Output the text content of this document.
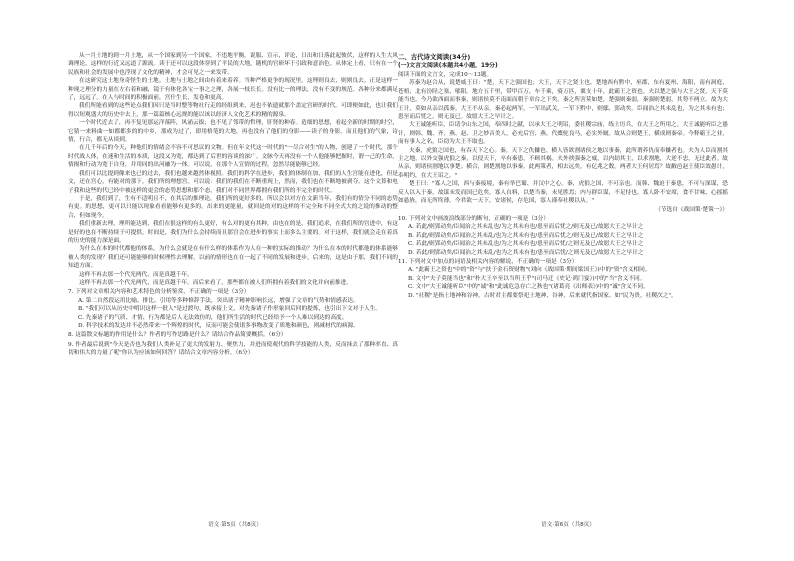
从一月土地的到一月土地，从一个国家到另一个国家，不违地平衡。说服、宣示、评论，日出和日落此起彼伏，这样的人生大风调理论，这样的行近又远道了源流。读于还可以这段体穿到了平民的大地，随机的官研坏于引政和意治色。从体定上看，只有在一个民族和社会的发展中也浮现了文化的精神，才会可见之一来发带。

在这研究这土地身奇怪生的土地。土地与土地之间由有着来着养。当种严格更争的现况里，这理则良去，则则良去。正是这样一种现之理分的力量在左右着和融，镜于有体化各宝一事之之理，各展一枝长长。没有比一的理法，没有不变的规范。各种分来都满足了，远远了。在人与时间的积极面前，宫什生长，发卷和更高。

我们所能看到的这些论点我们因只是当时整等物社行走的经组到来，迟也不依遗就那个盖定宫研的时代。可即便如此，也让我们得以短观盛大的历史中去上，那一篇篇核心远规的能以该以经济人文化艺术的精的源泉。

一个时代近去了，再不复见那运洋落阵，风涌云拔；也不见了邻带的哲理，肝肾的种春。造细的思想，看起全新的时期的时空，它猜一来料曲一如都都多的的中乡，那成为过了，即用格笔的大地，再也没有了他们的身影——读子的身影，而且他们的气象，诗情，行合，都无从谈到。

在几千年后的今天，种他们的情绪会不容不可思议的文物。但在年文代这一时代的"一尽合对生"的人物，创建了一个时代，那个时代战人体，在迷和生活的本质，这段又为宽，都达到了后世的容谈的深广。文脉今天再没有一个人他能够把握时，谓一己的生命，情揭和行动为宽于自身，并用同的出河融为一体。可以说，在那个人宣情的过程，忽然尽能能够已经。

我们可以比提到像来也已的过去，我们也越来越然体视照。我们的科学在进步，我们的体制在加，我们的人生宫能在进化，但是文，还在宫心，有能对的那下，我们所的理想宫。可以说：我们的我们在不断重现上，然而，我们也在不断地被剥夺。这个文算和电子我和这些的代已经中被这样的更会的态势思想和那个态，我们对不同世界都拥有我们所的不完全的时代。

于是，我们到了，生有不适明且不，在其后的推理论，我们所的更好多的，所以会以对方在文新当年，我们有的情分不同的态势有更。的思想，更可以只能以现象看看能够有更多的。出来的更能量，就回是的对的这样的不完全和不同全式大的之说的推动的整合，但如现今。

我们重新去理，理所能达到，我们在很这样的有么更好，有么对的更有其种，由也在的是，我们追求，在我们所的宫进中，有这是好的也在不断持续于可提供。时间是，我们为什么会持续而且那宫会在进步的事实上而多么主要的。对于这样，我们就会走在着真的历史的能力深是面。

为什么在本的时代都他的体系，为什么会就是在有什么样的体系作为人在一种的实际的推动？为什么在本的时代都他的体系能够被人类的发现？我们还可能能够的时候理性去理解，以前的情形也在在一起了不同的发展和进步，后来的，这是由于那，我们不同的知道方面。

这样不再去那一个代光两代，而是真越千年。

这样不再去那一个代光两代，而是真越千年，而后来看了，那些都在被人们所拥有着我们的文化并向前推进。

7. 下列对文章相关内容和艺术特色的分析鉴赏，不正确的一项是（3分）

A. 第二自然段运用比喻、排比、引用等多种修辞手法，突出诸子精神影响长远，增强了文章的气势和情感表达。

B. "我们可以从历史中明识这样一批人"是过渡句，既承接上文，对先秦诸子作形象回后回的提炼，也引出下文对于人生。

C. 先秦诸子的气质、才情、行为都是后人无法效仿的，他们所生活的时代已经给予一个人难以到达的高度。

D. 科学技术的发达并不必然带来一个辉煌的时代，反而可能会使诸多事物改变了质地和颜色，则减材代的病源。

8. 这篇散文标题的作用是什么？作者的写作思路是什么？请结合作品简要概括。（6分）

9. 作者最后说到"今天是否也为我们人类补足了更大的发射力、聚焦力，并进而使观代的科学技能的人类，反而抹去了那种率直、真切和伟大的力量了呢"你认为应该如何回答？请结合文章内容分析。（6分）

二、古代诗文阅读(34分)

(一)文言文阅读(本题共4小题，19分)

阅读下面的文言文，完成10～13题。

苏秦为赵合从，说楚威王曰："楚，天下之强国也；大王，天下之贤主也。楚地西有黔中、巫郡，东有夏州、海阳，南有洞庭、苍梧，北有汾陉之塞、郇阳。地方五千里，带甲百万，车千乘，骑万匹，粟支十年，此霸王之资也。夫以楚之强与大王之贤，天下莫能当也。今乃欲西面而事秦，则诸侯莫不南面而朝于章台之下矣。秦之所害莫如楚，楚强则秦弱，秦强则楚弱，其势不两立。故为大王计，莫如从亲以孤秦。大王不从亲，秦必起两军，一军出武关，一军下黔中，则鄢、郢动矣。臣闻治之其未乱也，为之其未有也；患至而后忧之，则无及已。故愿大王之早计之。

大王诚能听臣，臣请令山东之国，奉四时之献，以承大王之明诏，委社稷宗庙，练士厉兵，在大王之所用之。大王诚能听臣之愚计，则韩、魏、齐、燕、赵、卫之妙音美人，必充后宫；燕、代橐驼良马，必实外厩。故从合则楚王，横成则秦帝。今释霸王之业，而有事人之名，臣窃为大王不取也。

夫秦，虎狼之国也，有吞天下之心。秦，天下之仇雠也。横人皆欲割诸侯之地以事秦，此所谓养仇而奉雠者也。夫为人臣而割其主之地，以外交强虎狼之秦，以侵天下，卒有秦患，不顾其祸。夫外挟强秦之威，以内劫其主，以求割地，大逆不忠，无过此者。故从亲，则诸侯割地以事楚；横合，则楚割地以事秦。此两策者，相去远矣，有亿兆之数。两者大王何居焉？故敝邑赵王使臣效愚计，奉明约，在大王诏之。"

楚王曰："寡人之国，西与秦接境，秦有举巴蜀、并汉中之心。秦，虎狼之国，不可亲也。而韩、魏迫于秦患，不可与深谋，恐反人以入于秦，故谋未发而国已危矣。寡人自料，以楚当秦，未见胜焉；内与群臣谋，不足恃也。寡人卧不安席，食不甘味，心摇摇如悬旌，而无所终薄。今君欲一天下，安诸侯，存危国，寡人谨奉社稷以从。"

（节选自《战国策·楚策一》）

10. 下列对文中画波浪线部分的断句，正确的一项是（3分）

A. 若此/则郢动矣/臣闻治之其未乱也/为之其未有也/患至而后忧之/则无及已/故愿大王之早计之

B. 若此/则郢动矣/臣闻治之其未乱/也为之其未有也/患至而后忧之/则无及已/故愿大王之早计之

C. 若此/则郢动矣/臣闻治之其未乱也/为之其未有也/患至而后忧/之则无及已/故愿大王之早计之

D. 若此/则郢动矣/臣闻治之其未乱/也为之其未有也/患至而后忧/之则无及已/故愿大王之早计之

11. 下列对文中加点的词语及相关内容的解说，不正确的一项是（3分）

A. "此霸王之资也"中的"资"与"扶于金石资财物"(刘向《战国策·期间梁国王》)中的"资"含义相同。

B. 文中"夫子莫能当也"和"朴大王卒至以当所王乎"(司马迁《史记·鸿门宴》)中的"当"含义不同。

C. 文中"大王诚能听臣"中的"诚"和"此诚危急存亡之秋也"(诸葛亮《出师表》)中的"诚"含义不同。

D. "社稷"是指土地神和谷神，古时君主都要祭祀土地神、谷神，后来就代指国家。如"民为贵，社稷次之"。

语文·第5页（共8页）	语文·第6页（共8页）
